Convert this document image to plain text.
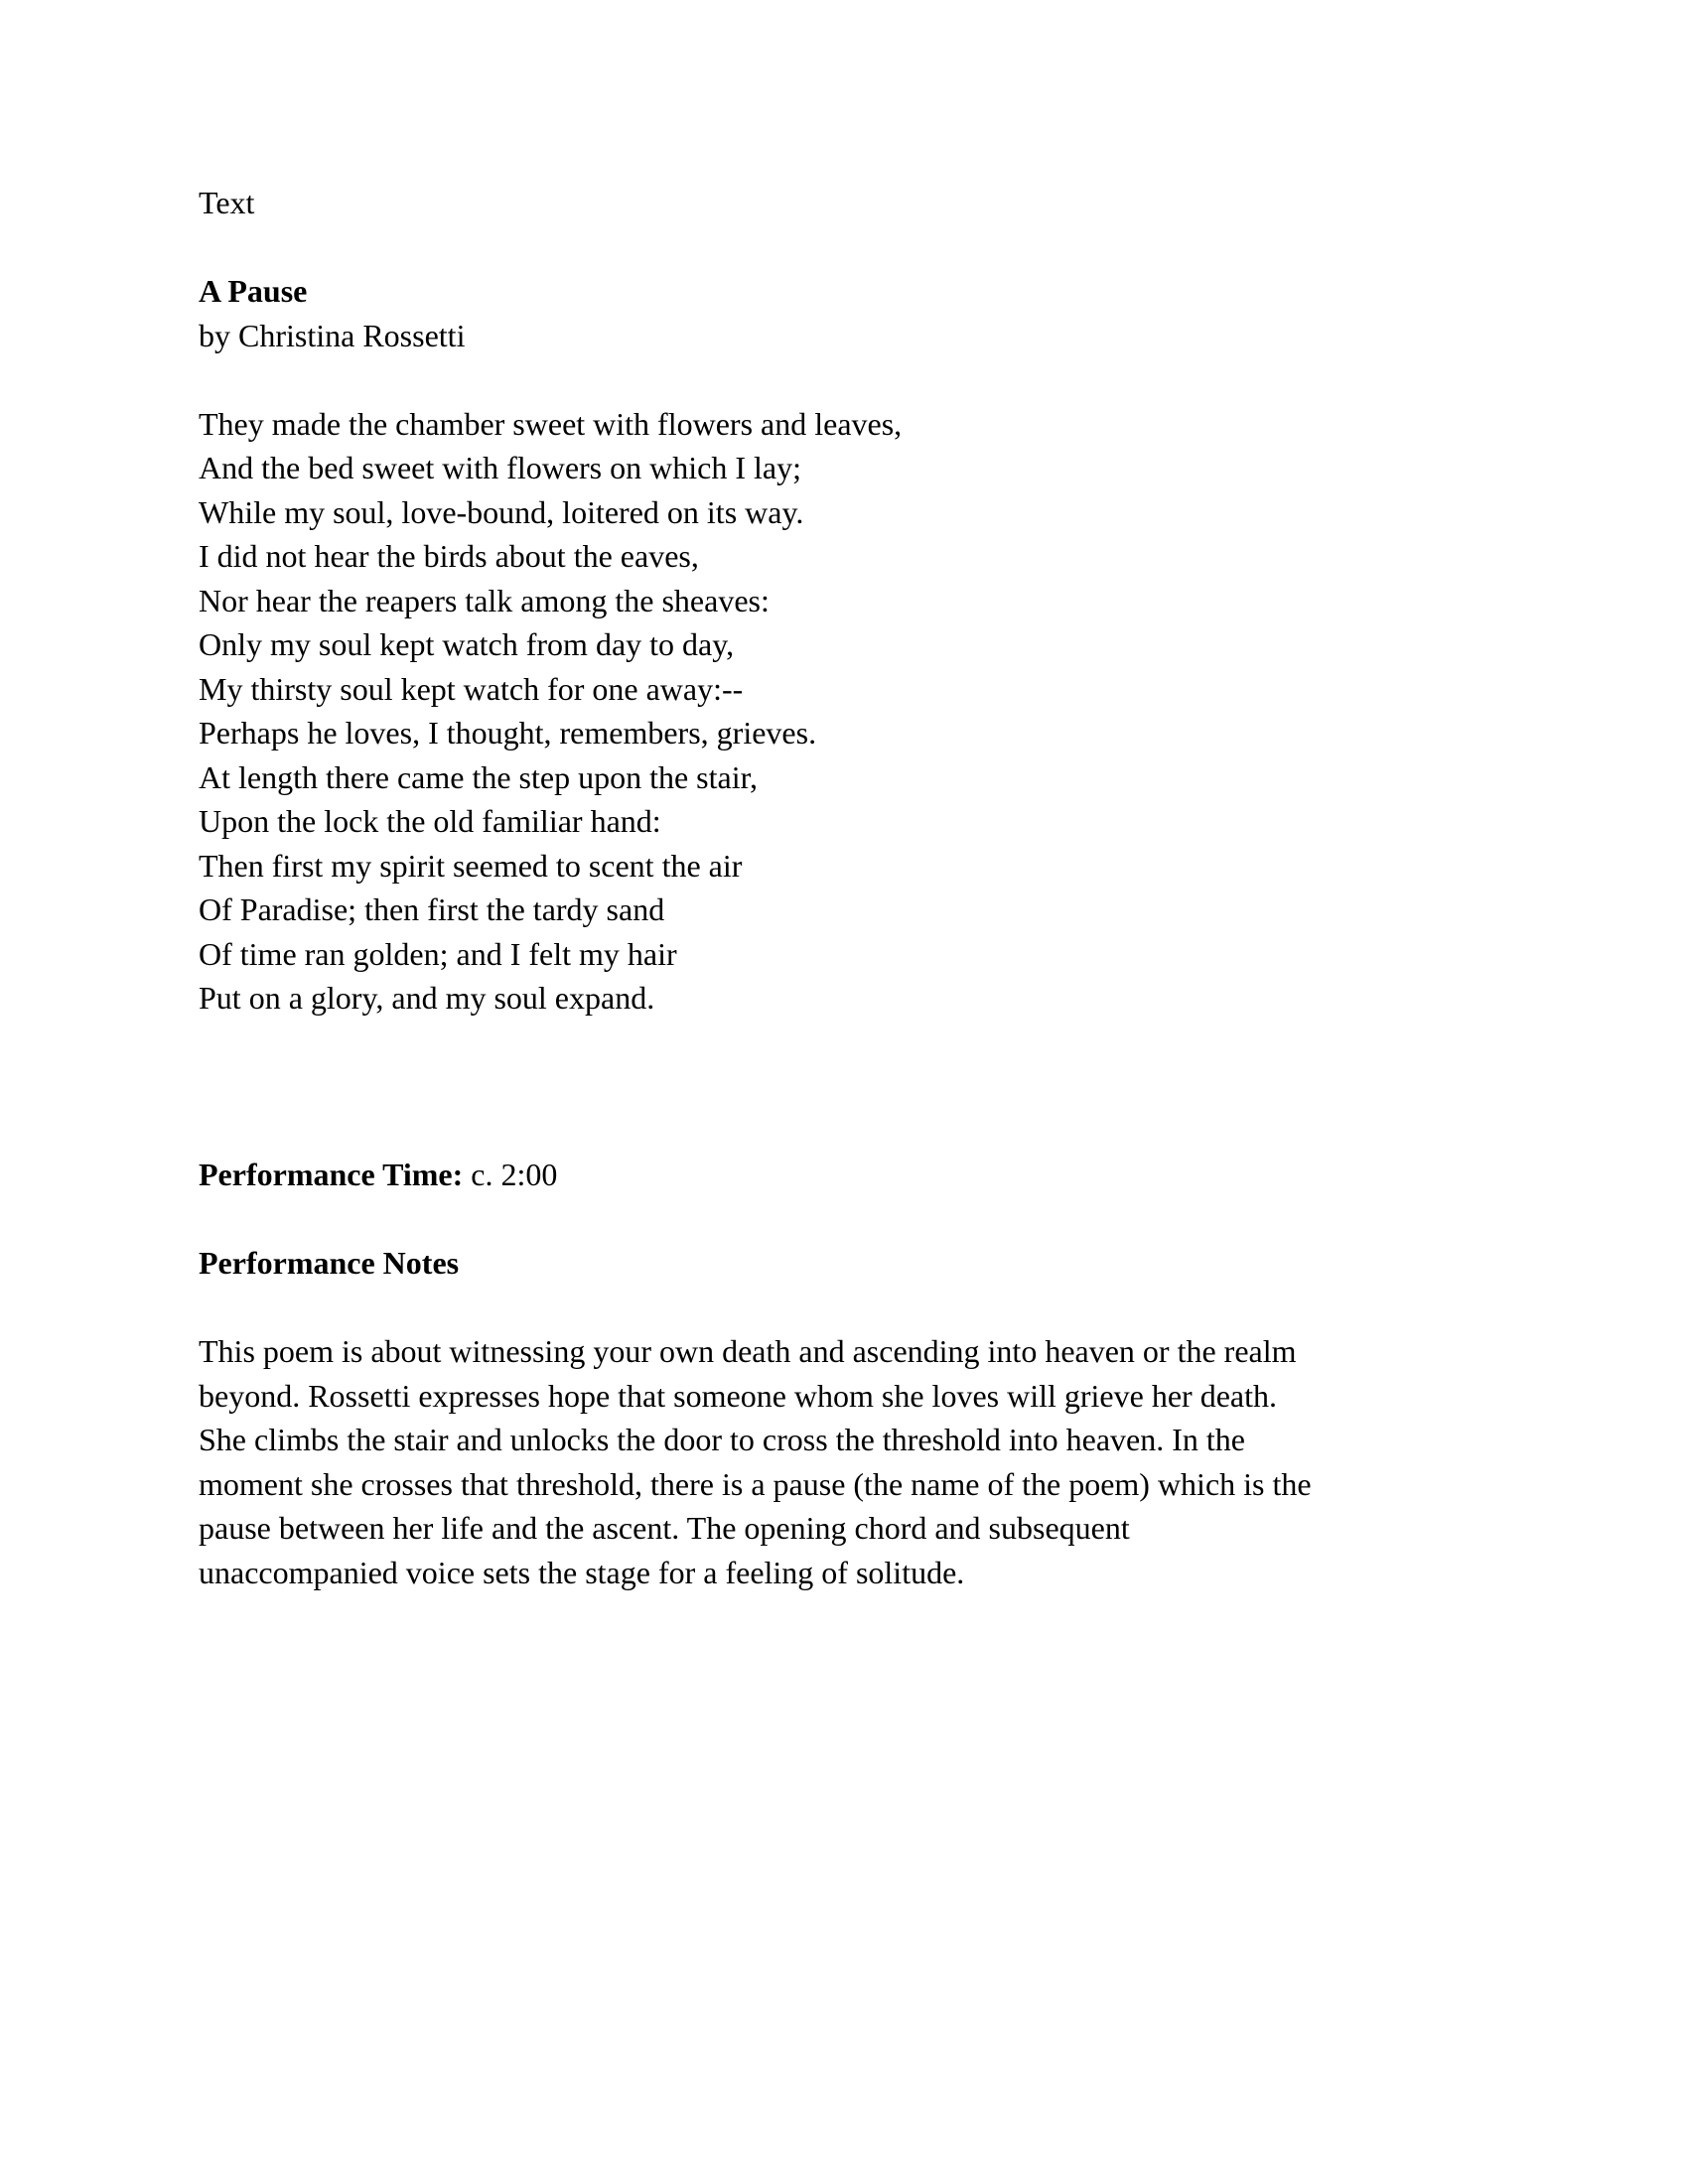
Text
A Pause
by Christina Rossetti
They made the chamber sweet with flowers and leaves,
And the bed sweet with flowers on which I lay;
While my soul, love-bound, loitered on its way.
I did not hear the birds about the eaves,
Nor hear the reapers talk among the sheaves:
Only my soul kept watch from day to day,
My thirsty soul kept watch for one away:--
Perhaps he loves, I thought, remembers, grieves.
At length there came the step upon the stair,
Upon the lock the old familiar hand:
Then first my spirit seemed to scent the air
Of Paradise; then first the tardy sand
Of time ran golden; and I felt my hair
Put on a glory, and my soul expand.
Performance Time: c. 2:00
Performance Notes
This poem is about witnessing your own death and ascending into heaven or the realm
beyond. Rossetti expresses hope that someone whom she loves will grieve her death.
She climbs the stair and unlocks the door to cross the threshold into heaven. In the
moment she crosses that threshold, there is a pause (the name of the poem) which is the
pause between her life and the ascent. The opening chord and subsequent
unaccompanied voice sets the stage for a feeling of solitude.
